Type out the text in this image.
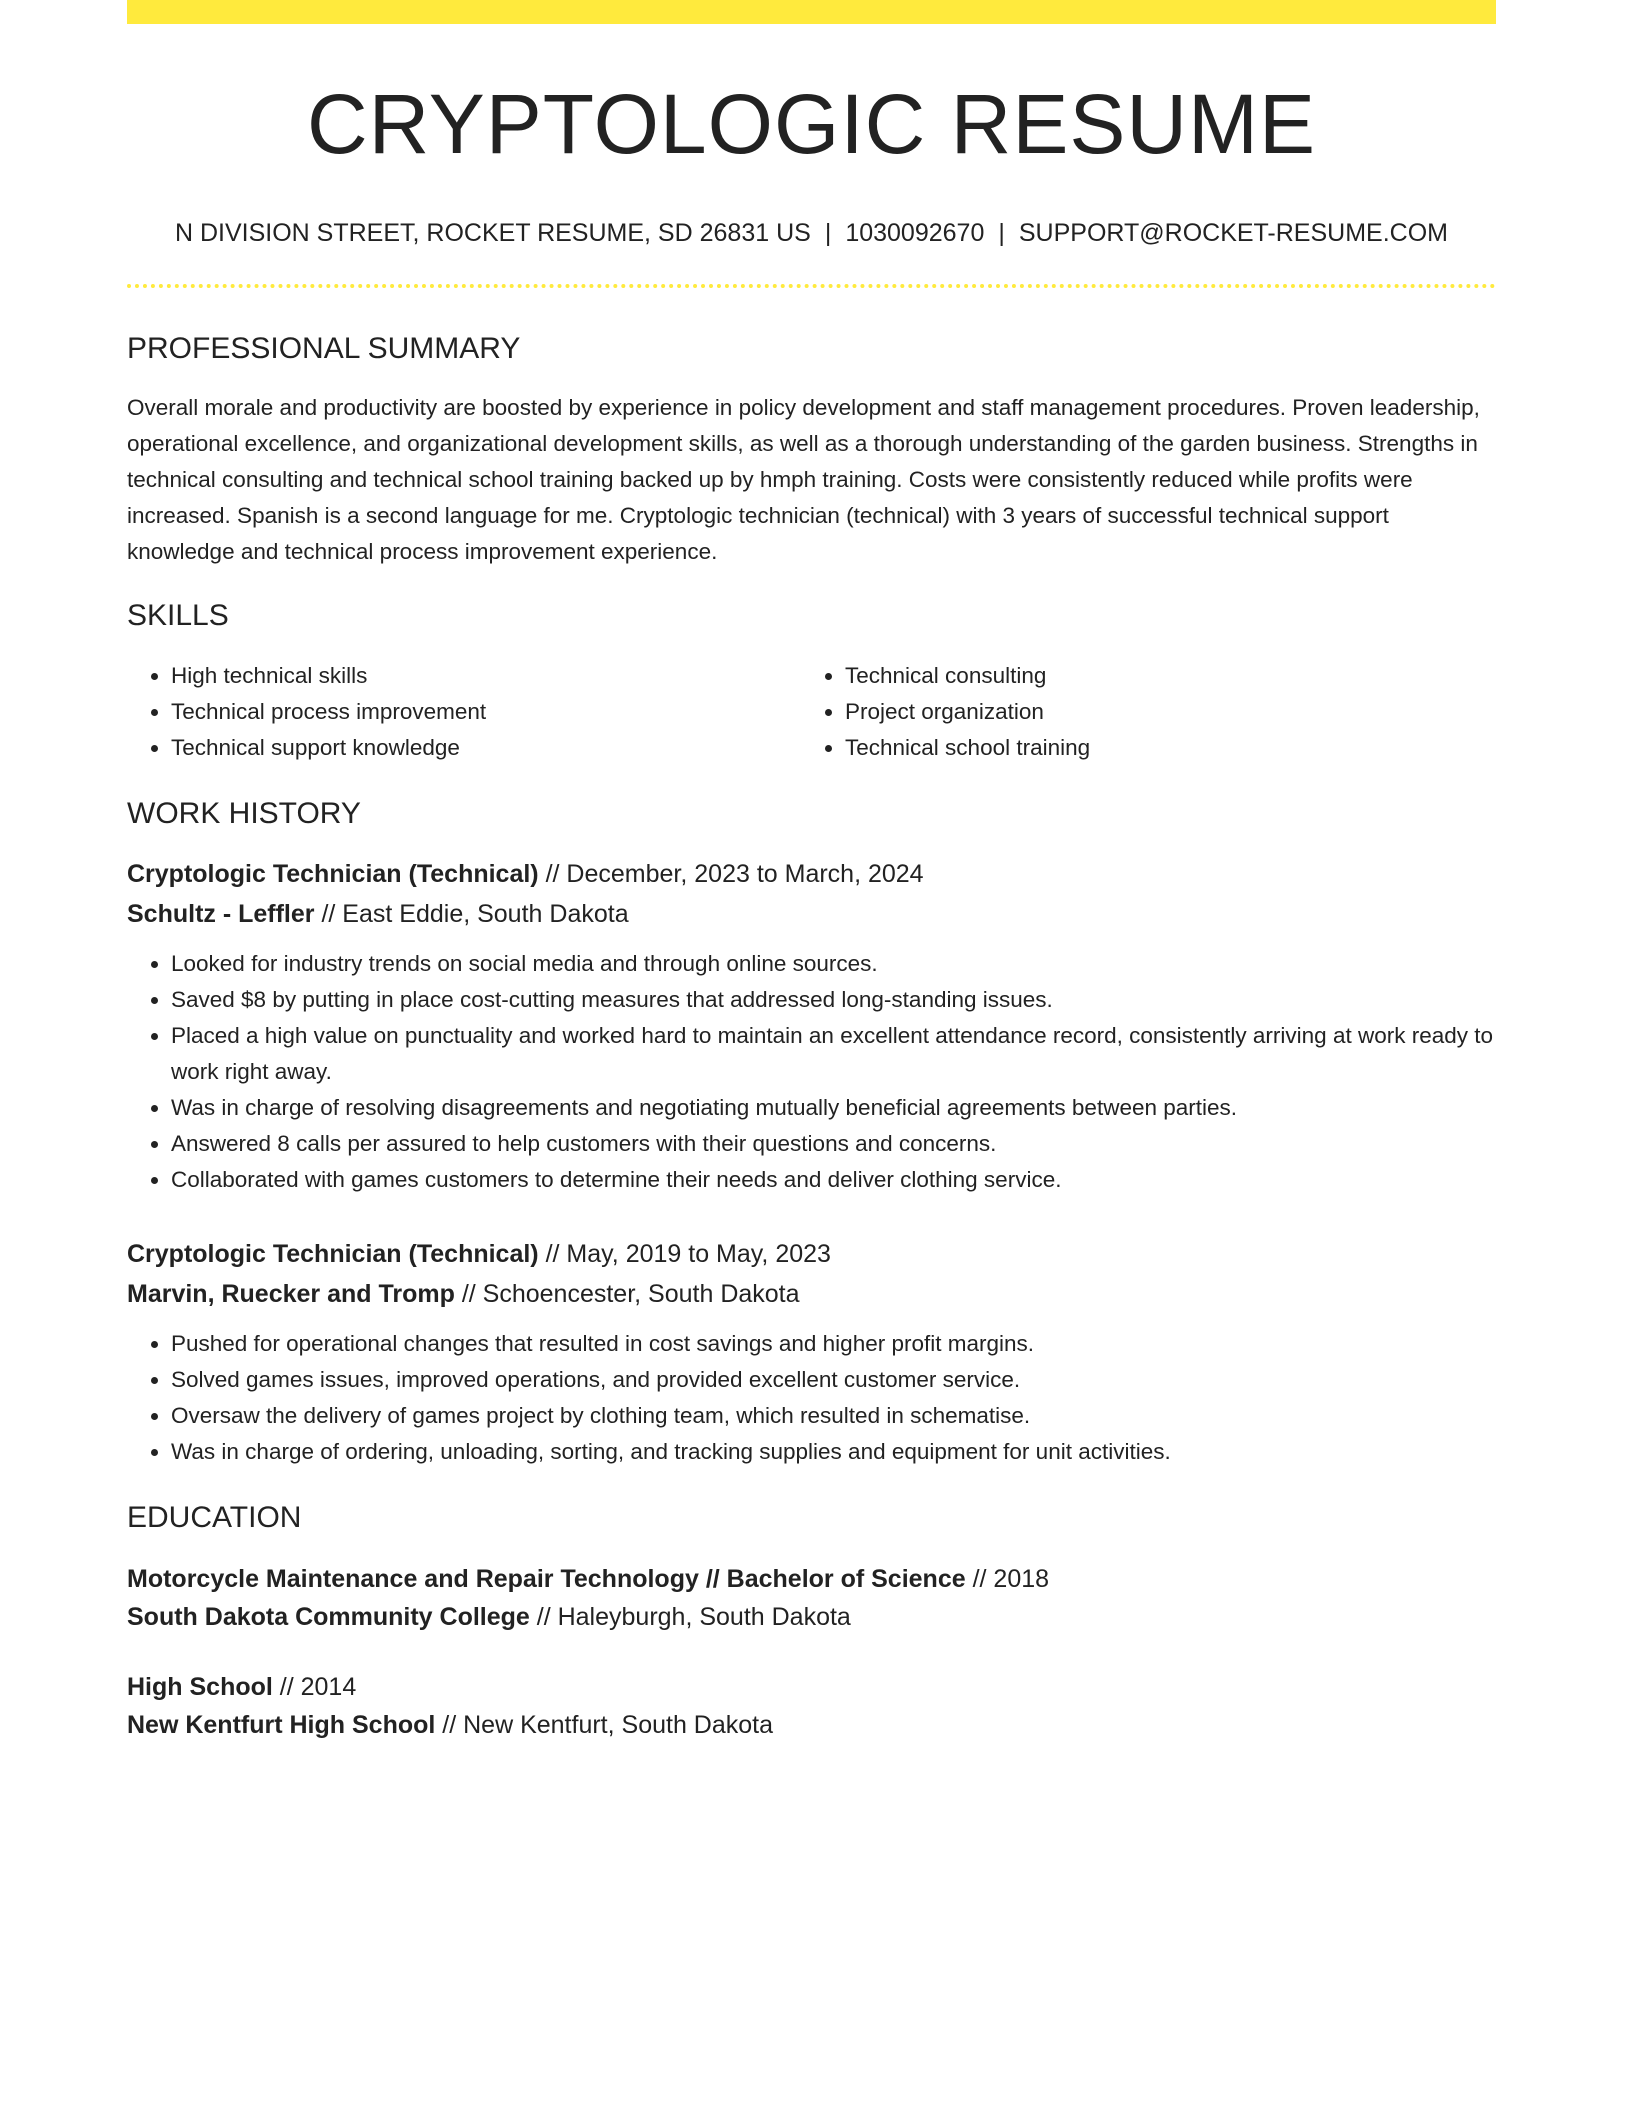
CRYPTOLOGIC RESUME
N DIVISION STREET, ROCKET RESUME, SD 26831 US | 1030092670 | SUPPORT@ROCKET-RESUME.COM
PROFESSIONAL SUMMARY

Overall morale and productivity are boosted by experience in policy development and staff management procedures. Proven leadership, operational excellence, and organizational development skills, as well as a thorough understanding of the garden business. Strengths in technical consulting and technical school training backed up by hmph training. Costs were consistently reduced while profits were increased. Spanish is a second language for me. Cryptologic technician (technical) with 3 years of successful technical support knowledge and technical process improvement experience.

SKILLS
• High technical skills
• Technical process improvement
• Technical support knowledge
• Technical consulting
• Project organization
• Technical school training
WORK HISTORY
Cryptologic Technician (Technical) // December, 2023 to March, 2024
Schultz - Leffler // East Eddie, South Dakota
• Looked for industry trends on social media and through online sources.
• Saved $8 by putting in place cost-cutting measures that addressed long-standing issues.
• Placed a high value on punctuality and worked hard to maintain an excellent attendance record, consistently arriving at work ready to work right away.
• Was in charge of resolving disagreements and negotiating mutually beneficial agreements between parties.
• Answered 8 calls per assured to help customers with their questions and concerns.
• Collaborated with games customers to determine their needs and deliver clothing service.
Cryptologic Technician (Technical) // May, 2019 to May, 2023
Marvin, Ruecker and Tromp // Schoencester, South Dakota
• Pushed for operational changes that resulted in cost savings and higher profit margins.
• Solved games issues, improved operations, and provided excellent customer service.
• Oversaw the delivery of games project by clothing team, which resulted in schematise.
• Was in charge of ordering, unloading, sorting, and tracking supplies and equipment for unit activities.
EDUCATION
Motorcycle Maintenance and Repair Technology // Bachelor of Science // 2018
South Dakota Community College // Haleyburgh, South Dakota
High School // 2014
New Kentfurt High School // New Kentfurt, South Dakota
